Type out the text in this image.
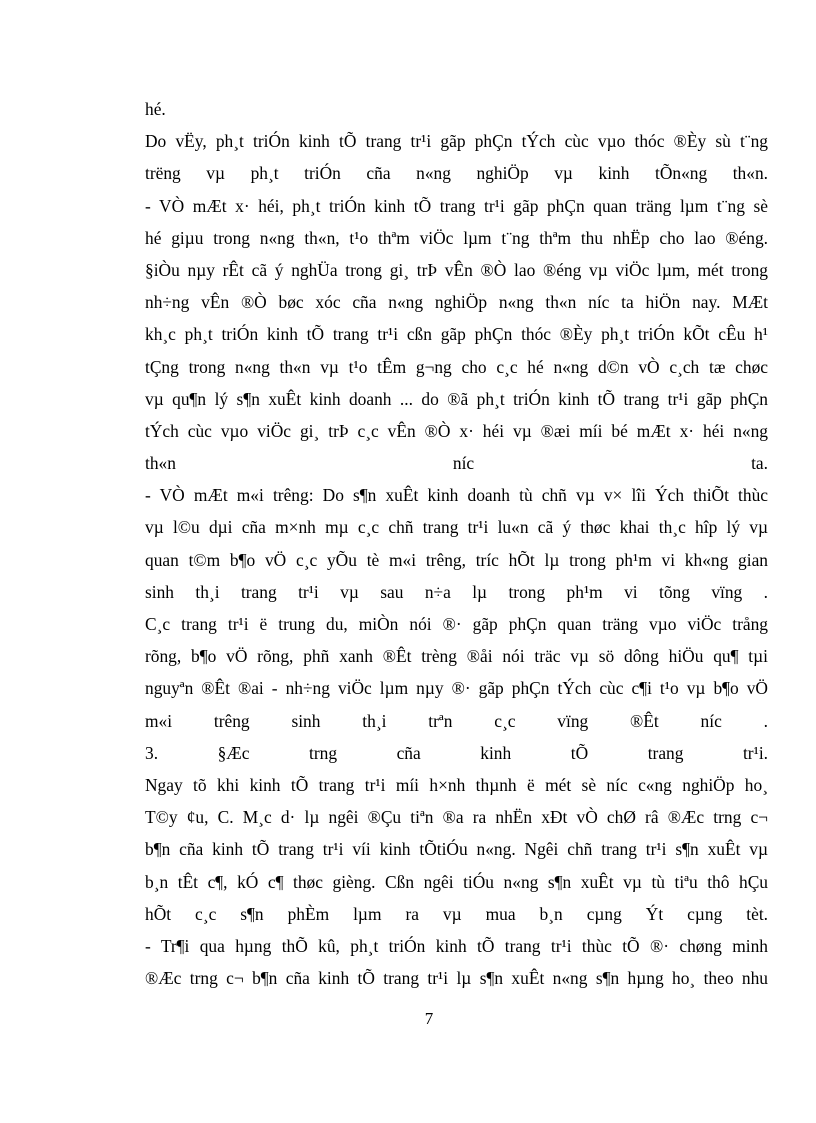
hé.
Do vËy, ph¸t triÓn kinh tÕ trang tr¹i gãp phÇn tÝch cùc vµo thóc ®Èy sù t¨ng
trëng vµ ph¸t triÓn cña n«ng nghiÖp vµ kinh tÕn«ng th«n.
- VÒ mÆt x· héi, ph¸t triÓn kinh tÕ trang tr¹i gãp phÇn quan träng lµm t¨ng sè
hé giµu trong n«ng th«n, t¹o thªm viÖc lµm t¨ng thªm thu nhËp cho lao ®éng.
§iÒu nµy rÊt cã ý nghÜa trong gi¸ trÞ vÊn ®Ò lao ®éng vµ viÖc lµm, mét trong
nh÷ng vÊn ®Ò bøc xóc cña n«ng nghiÖp n«ng th«n níc ta hiÖn nay. MÆt
kh¸c ph¸t triÓn kinh tÕ trang tr¹i cßn gãp phÇn thóc ®Èy ph¸t triÓn kÕt cÊu h¹
tÇng trong n«ng th«n vµ t¹o tÊm g¬ng cho c¸c hé n«ng d©n vÒ c¸ch tæ chøc
vµ qu¶n lý s¶n xuÊt kinh doanh ... do ®ã ph¸t triÓn kinh tÕ trang tr¹i gãp phÇn
tÝch cùc vµo viÖc gi¸ trÞ c¸c vÊn ®Ò x· héi vµ ®æi míi bé mÆt x· héi n«ng
th«n níc ta.
- VÒ mÆt m«i trêng: Do s¶n xuÊt kinh doanh tù chñ vµ v× lîi Ých thiÕt thùc
vµ l©u dµi cña m×nh mµ c¸c chñ trang tr¹i lu«n cã ý thøc khai th¸c hîp lý vµ
quan t©m b¶o vÖ c¸c yÕu tè m«i trêng, tríc hÕt lµ trong ph¹m vi kh«ng gian
sinh th¸i trang tr¹i vµ sau n÷a lµ trong ph¹m vi tõng vïng .
C¸c trang tr¹i ë trung du, miÒn nói ®· gãp phÇn quan träng vµo viÖc trång
rõng, b¶o vÖ rõng, phñ xanh ®Êt trèng ®åi nói träc vµ sö dông hiÖu qu¶ tµi
nguyªn ®Êt ®ai - nh÷ng viÖc lµm nµy ®· gãp phÇn tÝch cùc c¶i t¹o vµ b¶o vÖ
m«i trêng sinh th¸i trªn c¸c vïng ®Êt níc .
3. §Æc trng cña kinh tÕ trang tr¹i.
Ngay tõ khi kinh tÕ trang tr¹i míi h×nh thµnh ë mét sè níc c«ng nghiÖp ho¸
T©y ¢u, C. M¸c d· lµ ngêi ®Çu tiªn ®a ra nhËn xÐt vÒ chØ râ ®Æc trng c¬
b¶n cña kinh tÕ trang tr¹i víi kinh tÕtiÓu n«ng. Ngêi chñ trang tr¹i s¶n xuÊt vµ
b¸n tÊt c¶, kÓ c¶ thøc gièng. Cßn ngêi tiÓu n«ng s¶n xuÊt vµ tù tiªu thô hÇu
hÕt c¸c s¶n phÈm lµm ra vµ mua b¸n cµng Ýt cµng tèt.
- Tr¶i qua hµng thÕ kû, ph¸t triÓn kinh tÕ trang tr¹i thùc tÕ ®· chøng minh
®Æc trng c¬ b¶n cña kinh tÕ trang tr¹i lµ s¶n xuÊt n«ng s¶n hµng ho¸ theo nhu
7
